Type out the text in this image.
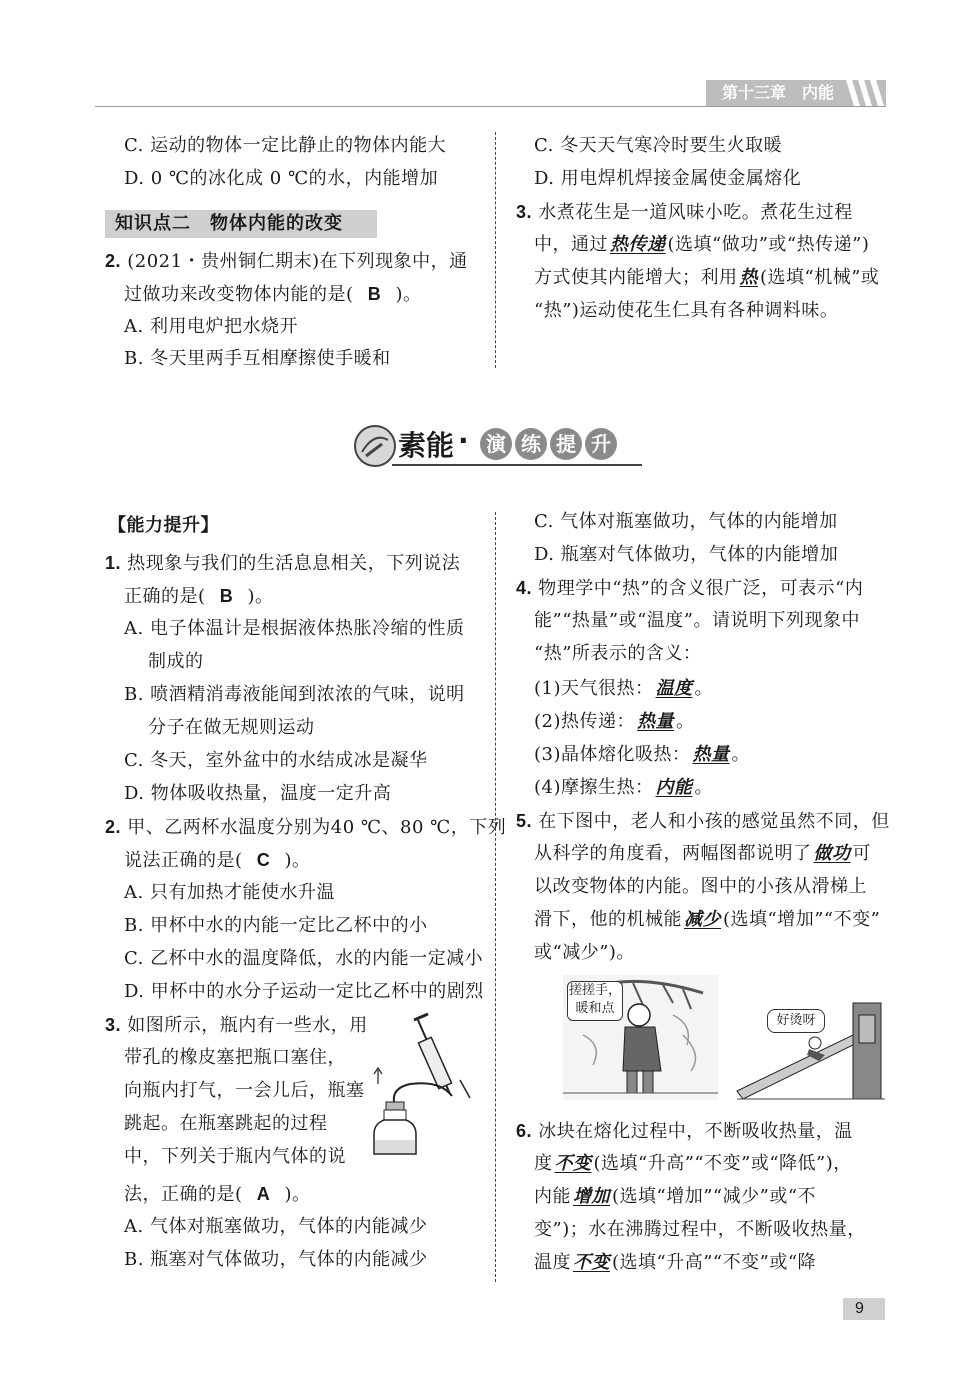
第十三章　内能
C. 运动的物体一定比静止的物体内能大
D. 0 ℃的冰化成 0 ℃的水，内能增加
知识点二　物体内能的改变
2. (2021・贵州铜仁期末)在下列现象中，通
过做功来改变物体内能的是( B )。
A. 利用电炉把水烧开
B. 冬天里两手互相摩擦使手暖和
C. 冬天天气寒冷时要生火取暖
D. 用电焊机焊接金属使金属熔化
3. 水煮花生是一道风味小吃。煮花生过程
中，通过 热传递 (选填“做功”或“热传递”)
方式使其内能增大；利用 热 (选填“机械”或
“热”)运动使花生仁具有各种调料味。
素能 · 演 练 提 升
【能力提升】
1. 热现象与我们的生活息息相关，下列说法
正确的是( B )。
A. 电子体温计是根据液体热胀冷缩的性质
制成的
B. 喷酒精消毒液能闻到浓浓的气味，说明
分子在做无规则运动
C. 冬天，室外盆中的水结成冰是凝华
D. 物体吸收热量，温度一定升高
2. 甲、乙两杯水温度分别为40 ℃、80 ℃，下列
说法正确的是( C )。
A. 只有加热才能使水升温
B. 甲杯中水的内能一定比乙杯中的小
C. 乙杯中水的温度降低，水的内能一定减小
D. 甲杯中的水分子运动一定比乙杯中的剧烈
3. 如图所示，瓶内有一些水，用
带孔的橡皮塞把瓶口塞住，
向瓶内打气，一会儿后，瓶塞
跳起。在瓶塞跳起的过程
中，下列关于瓶内气体的说
法，正确的是( A )。
A. 气体对瓶塞做功，气体的内能减少
B. 瓶塞对气体做功，气体的内能减少
C. 气体对瓶塞做功，气体的内能增加
D. 瓶塞对气体做功，气体的内能增加
4. 物理学中“热”的含义很广泛，可表示“内
能”“热量”或“温度”。请说明下列现象中
“热”所表示的含义：
(1)天气很热： 温度 。
(2)热传递： 热量 。
(3)晶体熔化吸热： 热量 。
(4)摩擦生热： 内能 。
5. 在下图中，老人和小孩的感觉虽然不同，但
从科学的角度看，两幅图都说明了 做功 可
以改变物体的内能。图中的小孩从滑梯上
滑下，他的机械能 减少 (选填“增加”“不变”
或“减少”)。
搓搓手，
暖和点
好烫呀
6. 冰块在熔化过程中，不断吸收热量，温
度 不变 (选填“升高”“不变”或“降低”)，
内能 增加 (选填“增加”“减少”或“不
变”)；水在沸腾过程中，不断吸收热量，
温度 不变 (选填“升高”“不变”或“降
9
